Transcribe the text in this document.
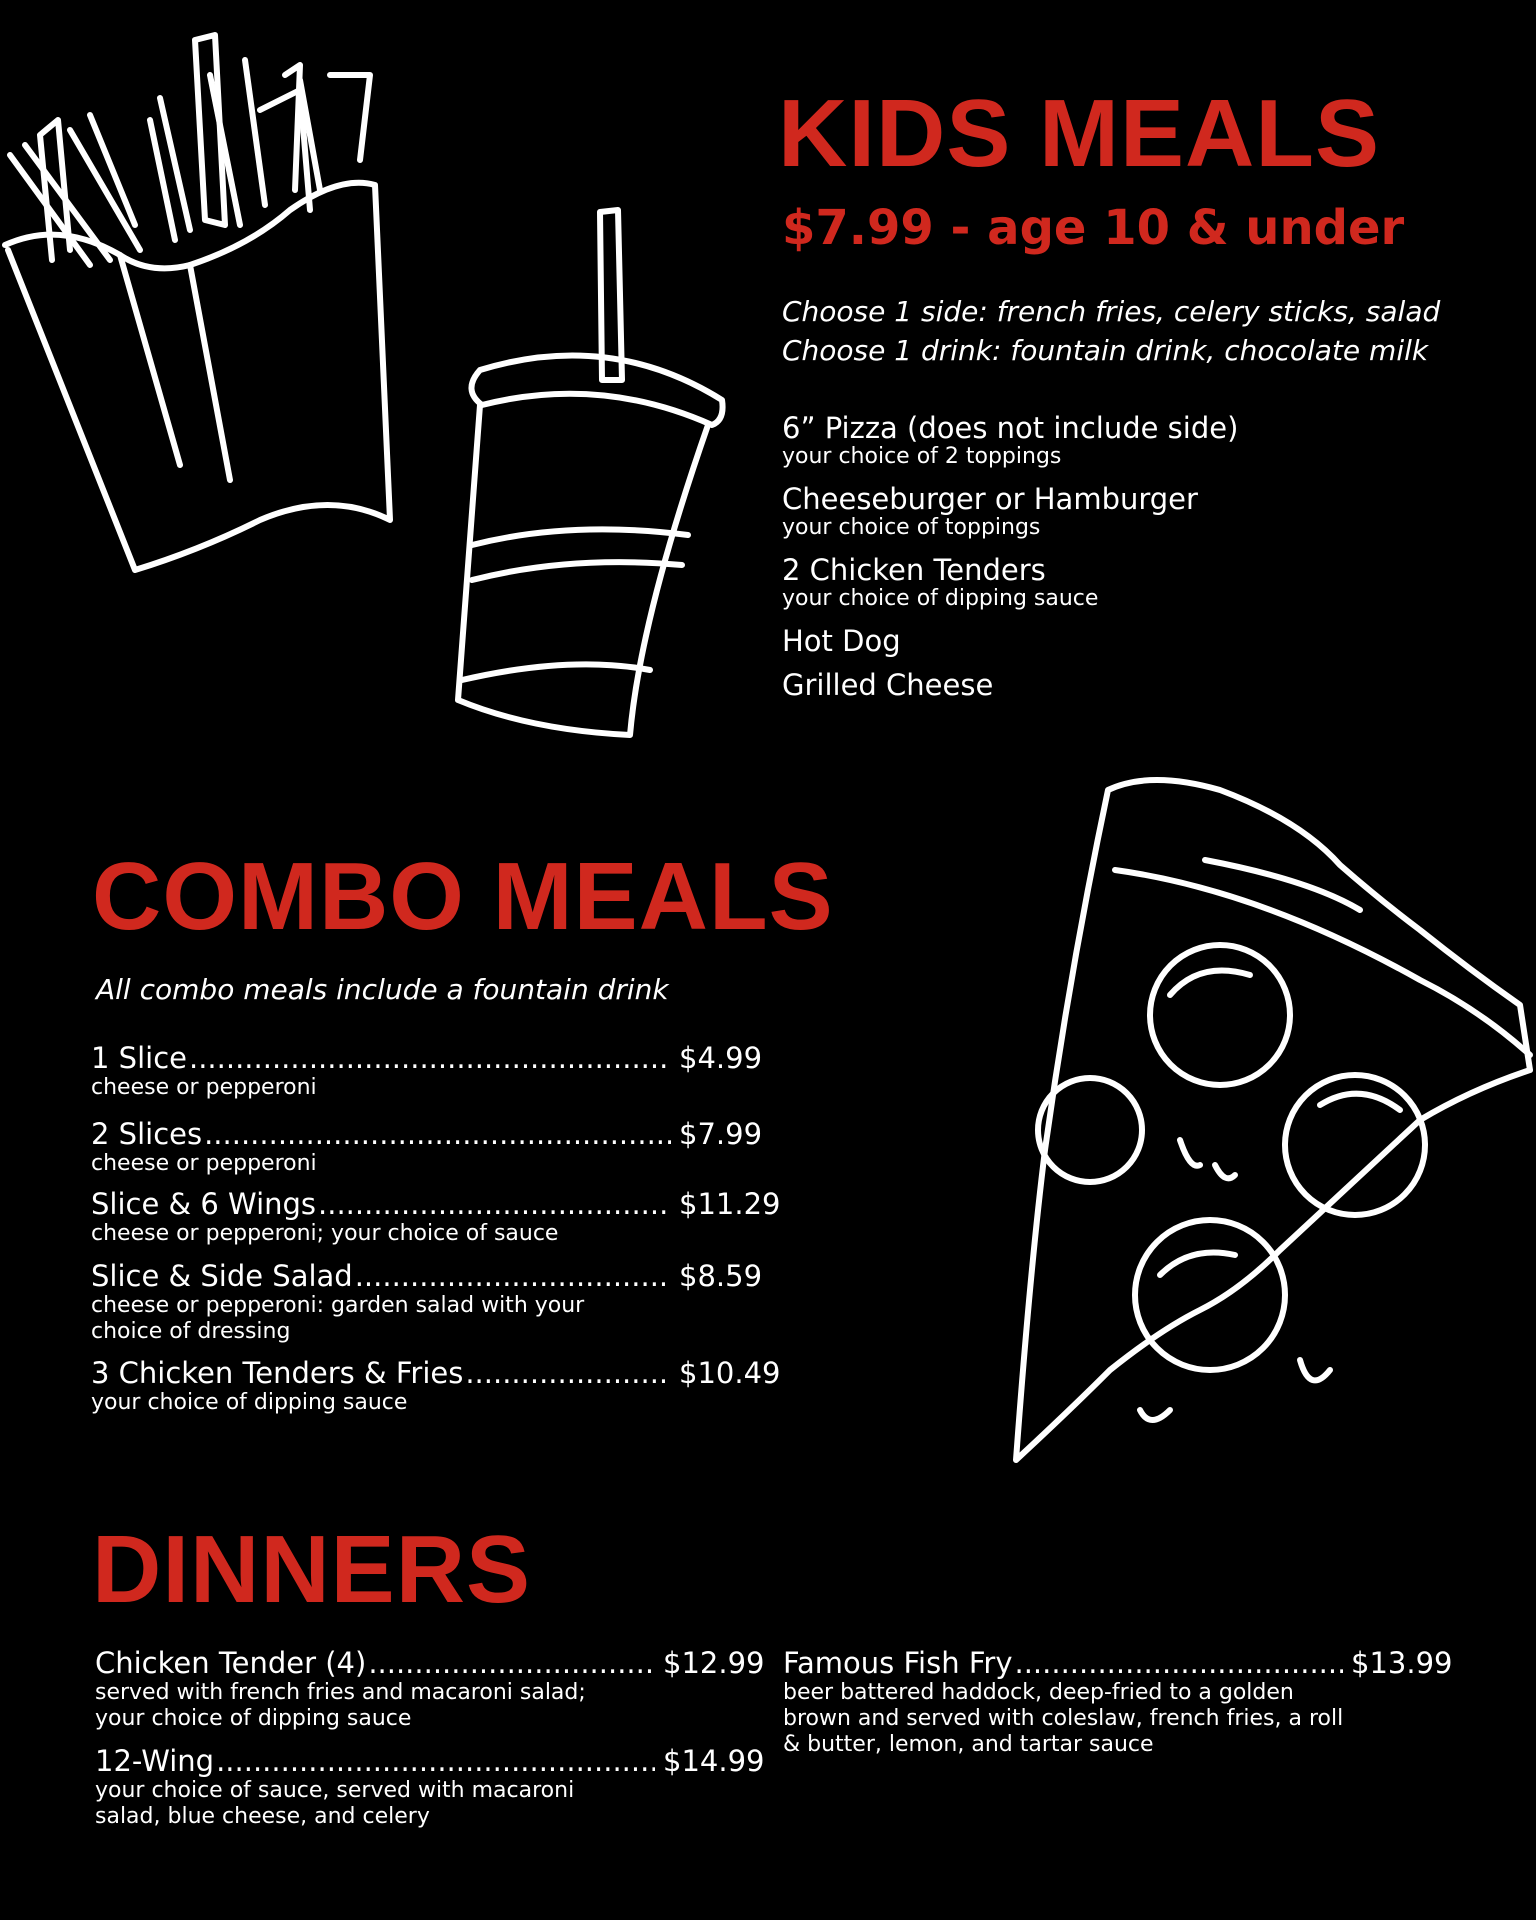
KIDS MEALS
$7.99 - age 10 & under
Choose 1 side: french fries, celery sticks, salad
Choose 1 drink: fountain drink, chocolate milk
6” Pizza (does not include side)
your choice of 2 toppings
Cheeseburger or Hamburger
your choice of toppings
2 Chicken Tenders
your choice of dipping sauce
Hot Dog
Grilled Cheese
COMBO MEALS
All combo meals include a fountain drink
1 Slice .....	$4.99
cheese or pepperoni
2 Slices .....	$7.99
cheese or pepperoni
Slice & 6 Wings .....	$11.29
cheese or pepperoni; your choice of sauce
Slice & Side Salad .....	$8.59
cheese or pepperoni: garden salad with your choice of dressing
3 Chicken Tenders & Fries .....	$10.49
your choice of dipping sauce
DINNERS
Chicken Tender (4) .....	$12.99
served with french fries and macaroni salad; your choice of dipping sauce
12-Wing .....	$14.99
your choice of sauce, served with macaroni salad, blue cheese, and celery
Famous Fish Fry .....	$13.99
beer battered haddock, deep-fried to a golden brown and served with coleslaw, french fries, a roll & butter, lemon, and tartar sauce
